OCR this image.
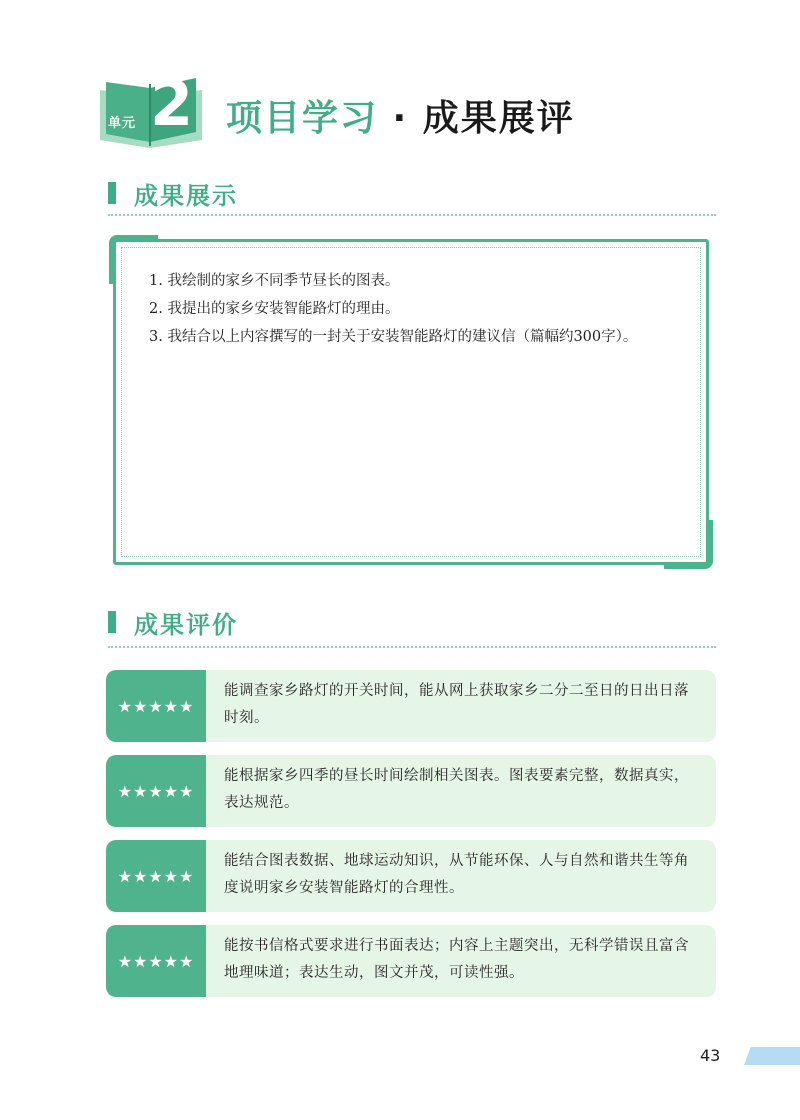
单元 2 项目学习 · 成果展评
成果展示
1. 我绘制的家乡不同季节昼长的图表。
2. 我提出的家乡安装智能路灯的理由。
3. 我结合以上内容撰写的一封关于安装智能路灯的建议信（篇幅约300字）。
成果评价
★★★★★
能调查家乡路灯的开关时间，能从网上获取家乡二分二至日的日出日落时刻。
★★★★★
能根据家乡四季的昼长时间绘制相关图表。图表要素完整，数据真实，表达规范。
★★★★★
能结合图表数据、地球运动知识，从节能环保、人与自然和谐共生等角度说明家乡安装智能路灯的合理性。
★★★★★
能按书信格式要求进行书面表达；内容上主题突出，无科学错误且富含地理味道；表达生动，图文并茂，可读性强。
43
